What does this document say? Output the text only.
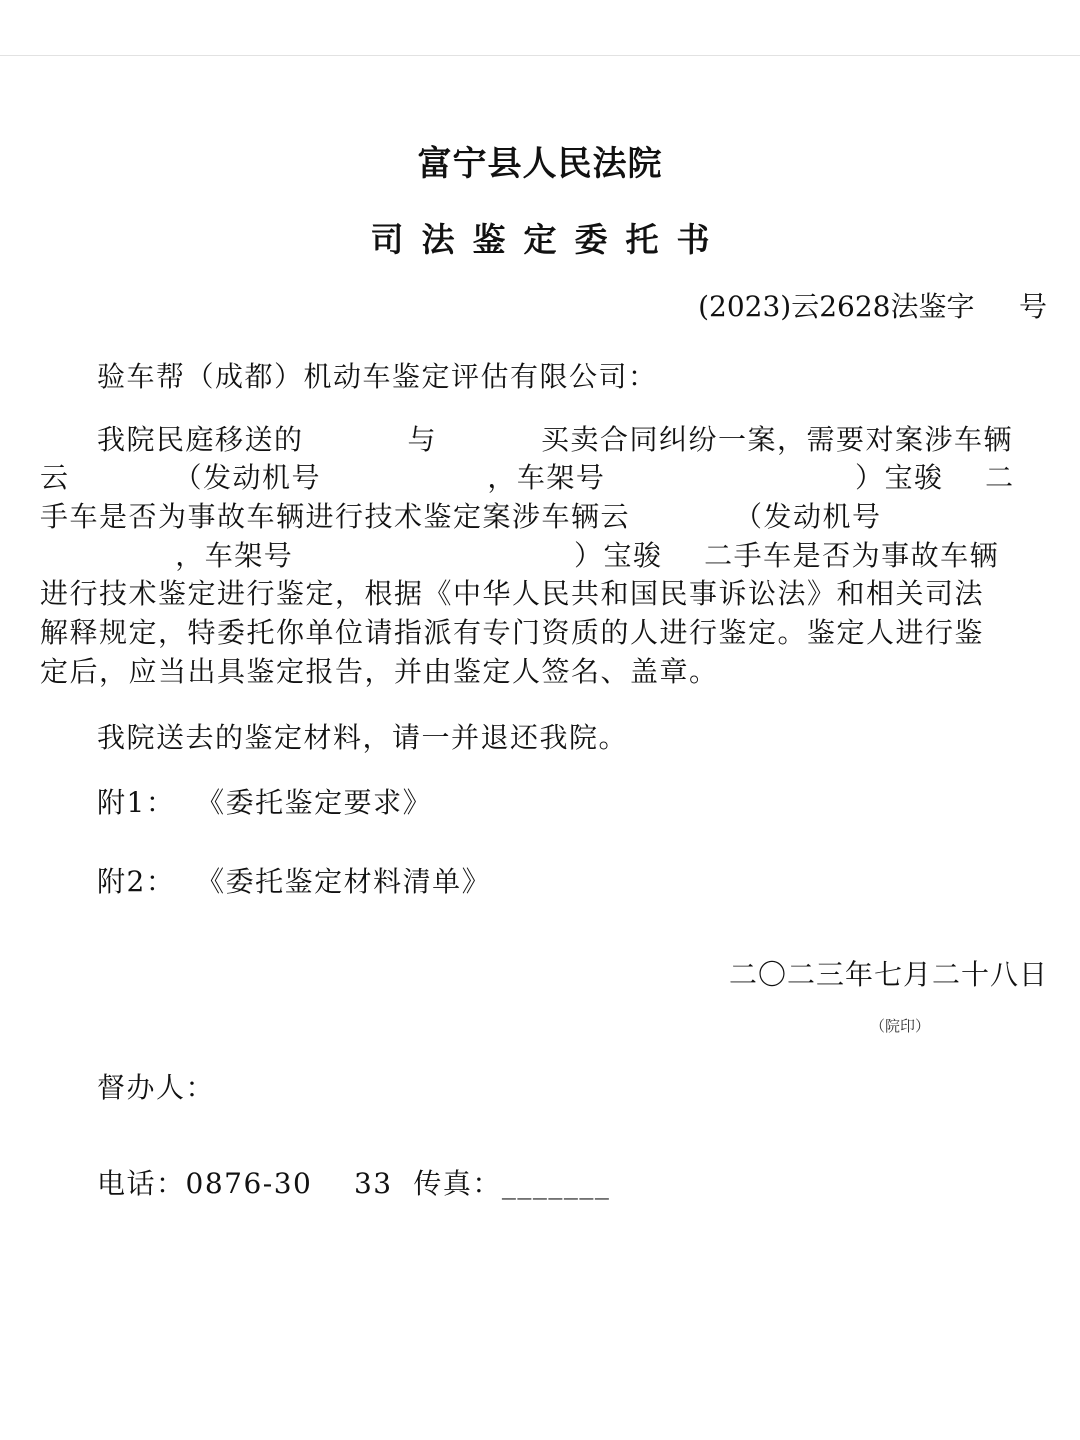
富宁县人民法院
司法鉴定委托书
(2023)云2628法鉴字     号
验车帮（成都）机动车鉴定评估有限公司：
我院民庭移送的          与          买卖合同纠纷一案，需要对案涉车辆
云          （发动机号                ，车架号                        ）宝骏    二
手车是否为事故车辆进行技术鉴定案涉车辆云          （发动机号
，车架号                           ）宝骏    二手车是否为事故车辆
进行技术鉴定进行鉴定，根据《中华人民共和国民事诉讼法》和相关司法
解释规定，特委托你单位请指派有专门资质的人进行鉴定。鉴定人进行鉴
定后，应当出具鉴定报告，并由鉴定人签名、盖章。
我院送去的鉴定材料，请一并退还我院。
附1：  《委托鉴定要求》
附2：  《委托鉴定材料清单》
二〇二三年七月二十八日
（院印）
督办人：
电话：0876-30    33  传真：_______
